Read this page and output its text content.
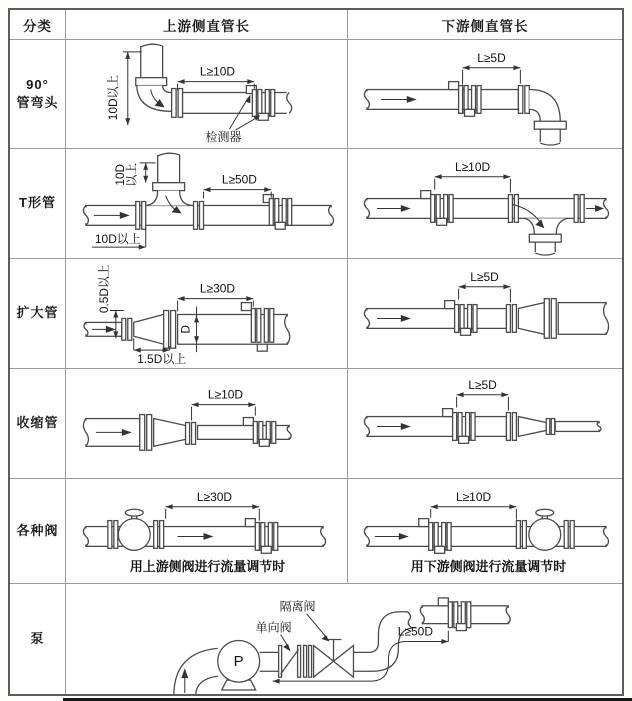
分类	上游侧直管长	下游侧直管长
90°
管弯头
L≥10D
10D以上
检测器
L≥5D
T形管
L≥50D
10D
以上
10D以上
L≥10D
扩大管
D
L≥30D
0.5D以上
1.5D以上
L≥5D
收缩管
L≥10D
L≥5D
各种阀
L≥30D
用上游侧阀进行流量调节时
L≥10D
用下游侧阀进行流量调节时
泵
P
L≥50D
单向阀
隔离阀
